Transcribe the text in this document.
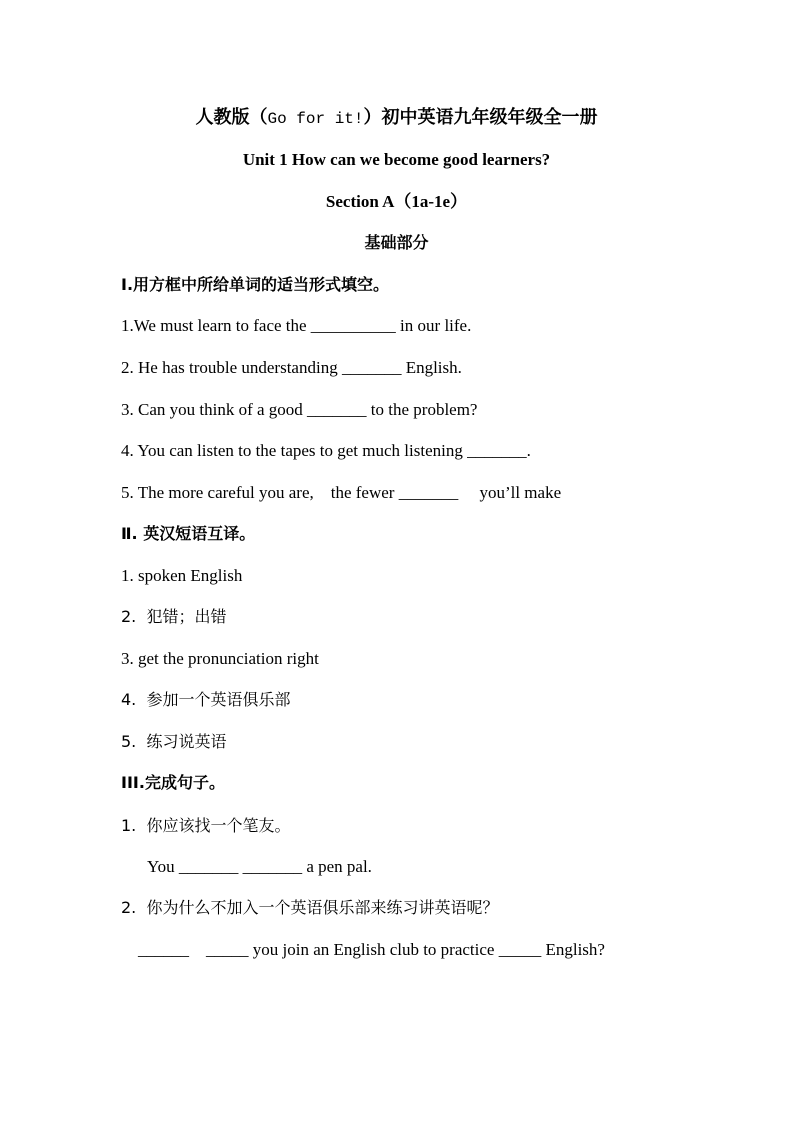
人教版（Go for it!）初中英语九年级年级全一册
Unit 1 How can we become good learners?
Section A（1a-1e）
基础部分
Ⅰ.用方框中所给单词的适当形式填空。
1.We must learn to face the __________ in our life.
2. He has trouble understanding _______ English.
3. Can you think of a good _______ to the problem?
4. You can listen to the tapes to get much listening _______.
5. The more careful you are,    the fewer _______     you’ll make
Ⅱ. 英汉短语互译。
1. spoken English
2.  犯错；出错
3. get the pronunciation right
4.  参加一个英语俱乐部
5.  练习说英语
III.完成句子。
1.  你应该找一个笔友。
You _______ _______ a pen pal.
2.  你为什么不加入一个英语俱乐部来练习讲英语呢？
______    _____ you join an English club to practice _____ English?
